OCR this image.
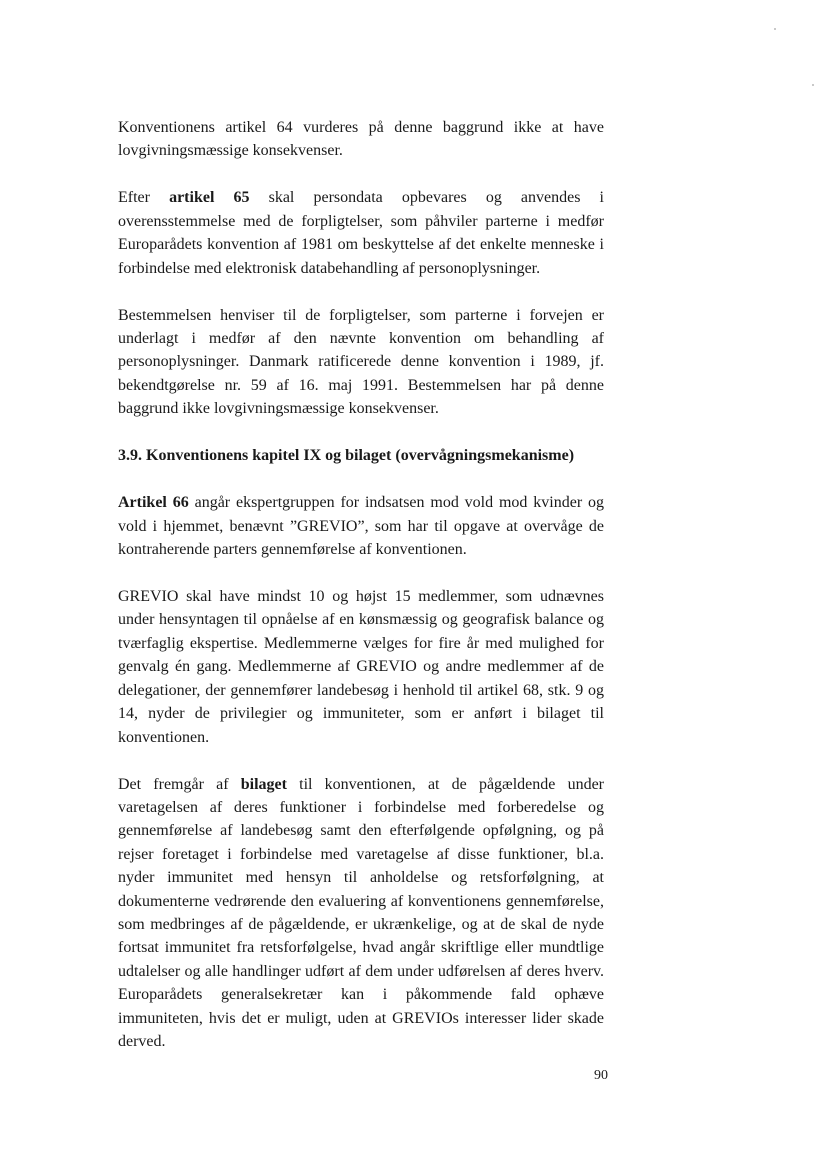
Konventionens artikel 64 vurderes på denne baggrund ikke at have lovgivningsmæssige konsekvenser.

Efter artikel 65 skal persondata opbevares og anvendes i overensstemmelse med de forpligtelser, som påhviler parterne i medfør Europarådets konvention af 1981 om beskyttelse af det enkelte menneske i forbindelse med elektronisk databehandling af personoplysninger.

Bestemmelsen henviser til de forpligtelser, som parterne i forvejen er underlagt i medfør af den nævnte konvention om behandling af personoplysninger. Danmark ratificerede denne konvention i 1989, jf. bekendtgørelse nr. 59 af 16. maj 1991. Bestemmelsen har på denne baggrund ikke lovgivningsmæssige konsekvenser.

3.9. Konventionens kapitel IX og bilaget (overvågningsmekanisme)

Artikel 66 angår ekspertgruppen for indsatsen mod vold mod kvinder og vold i hjemmet, benævnt ”GREVIO”, som har til opgave at overvåge de kontraherende parters gennemførelse af konventionen.

GREVIO skal have mindst 10 og højst 15 medlemmer, som udnævnes under hensyntagen til opnåelse af en kønsmæssig og geografisk balance og tværfaglig ekspertise. Medlemmerne vælges for fire år med mulighed for genvalg én gang. Medlemmerne af GREVIO og andre medlemmer af de delegationer, der gennemfører landebesøg i henhold til artikel 68, stk. 9 og 14, nyder de privilegier og immuniteter, som er anført i bilaget til konventionen.

Det fremgår af bilaget til konventionen, at de pågældende under varetagelsen af deres funktioner i forbindelse med forberedelse og gennemførelse af landebesøg samt den efterfølgende opfølgning, og på rejser foretaget i forbindelse med varetagelse af disse funktioner, bl.a. nyder immunitet med hensyn til anholdelse og retsforfølgning, at dokumenterne vedrørende den evaluering af konventionens gennemførelse, som medbringes af de pågældende, er ukrænkelige, og at de skal de nyde fortsat immunitet fra retsforfølgelse, hvad angår skriftlige eller mundtlige udtalelser og alle handlinger udført af dem under udførelsen af deres hverv. Europarådets generalsekretær kan i påkommende fald ophæve immuniteten, hvis det er muligt, uden at GREVIOs interesser lider skade derved.

90
